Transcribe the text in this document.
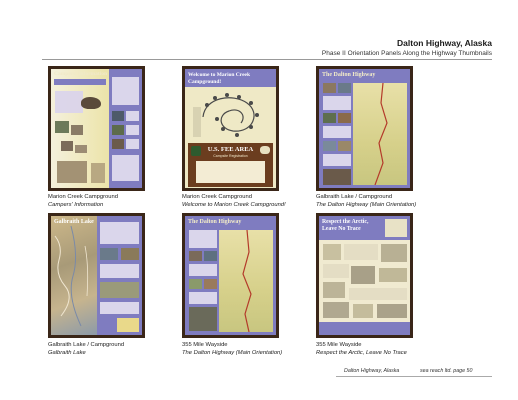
Dalton Highway, Alaska
Phase II Orientation Panels Along the Highway Thumbnails
Campers' Information
Marion Creek Campground
Campers' Information
Welcome to Marion Creek Campground!
U.S. FEE AREA
Campsite Registration
Marion Creek Campground
Welcome to Marion Creek Campground!
The Dalton Highway
Galbraith Lake / Campground
The Dalton Highway (Main Orientation)
Galbraith Lake
Galbraith Lake / Campground
Galbraith Lake
The Dalton Highway
355 Mile Wayside
The Dalton Highway (Main Orientation)
Respect the Arctic, Leave No Trace
355 Mile Wayside
Respect the Arctic, Leave No Trace
Dalton Highway, Alaska	sea reach ltd. page 50
